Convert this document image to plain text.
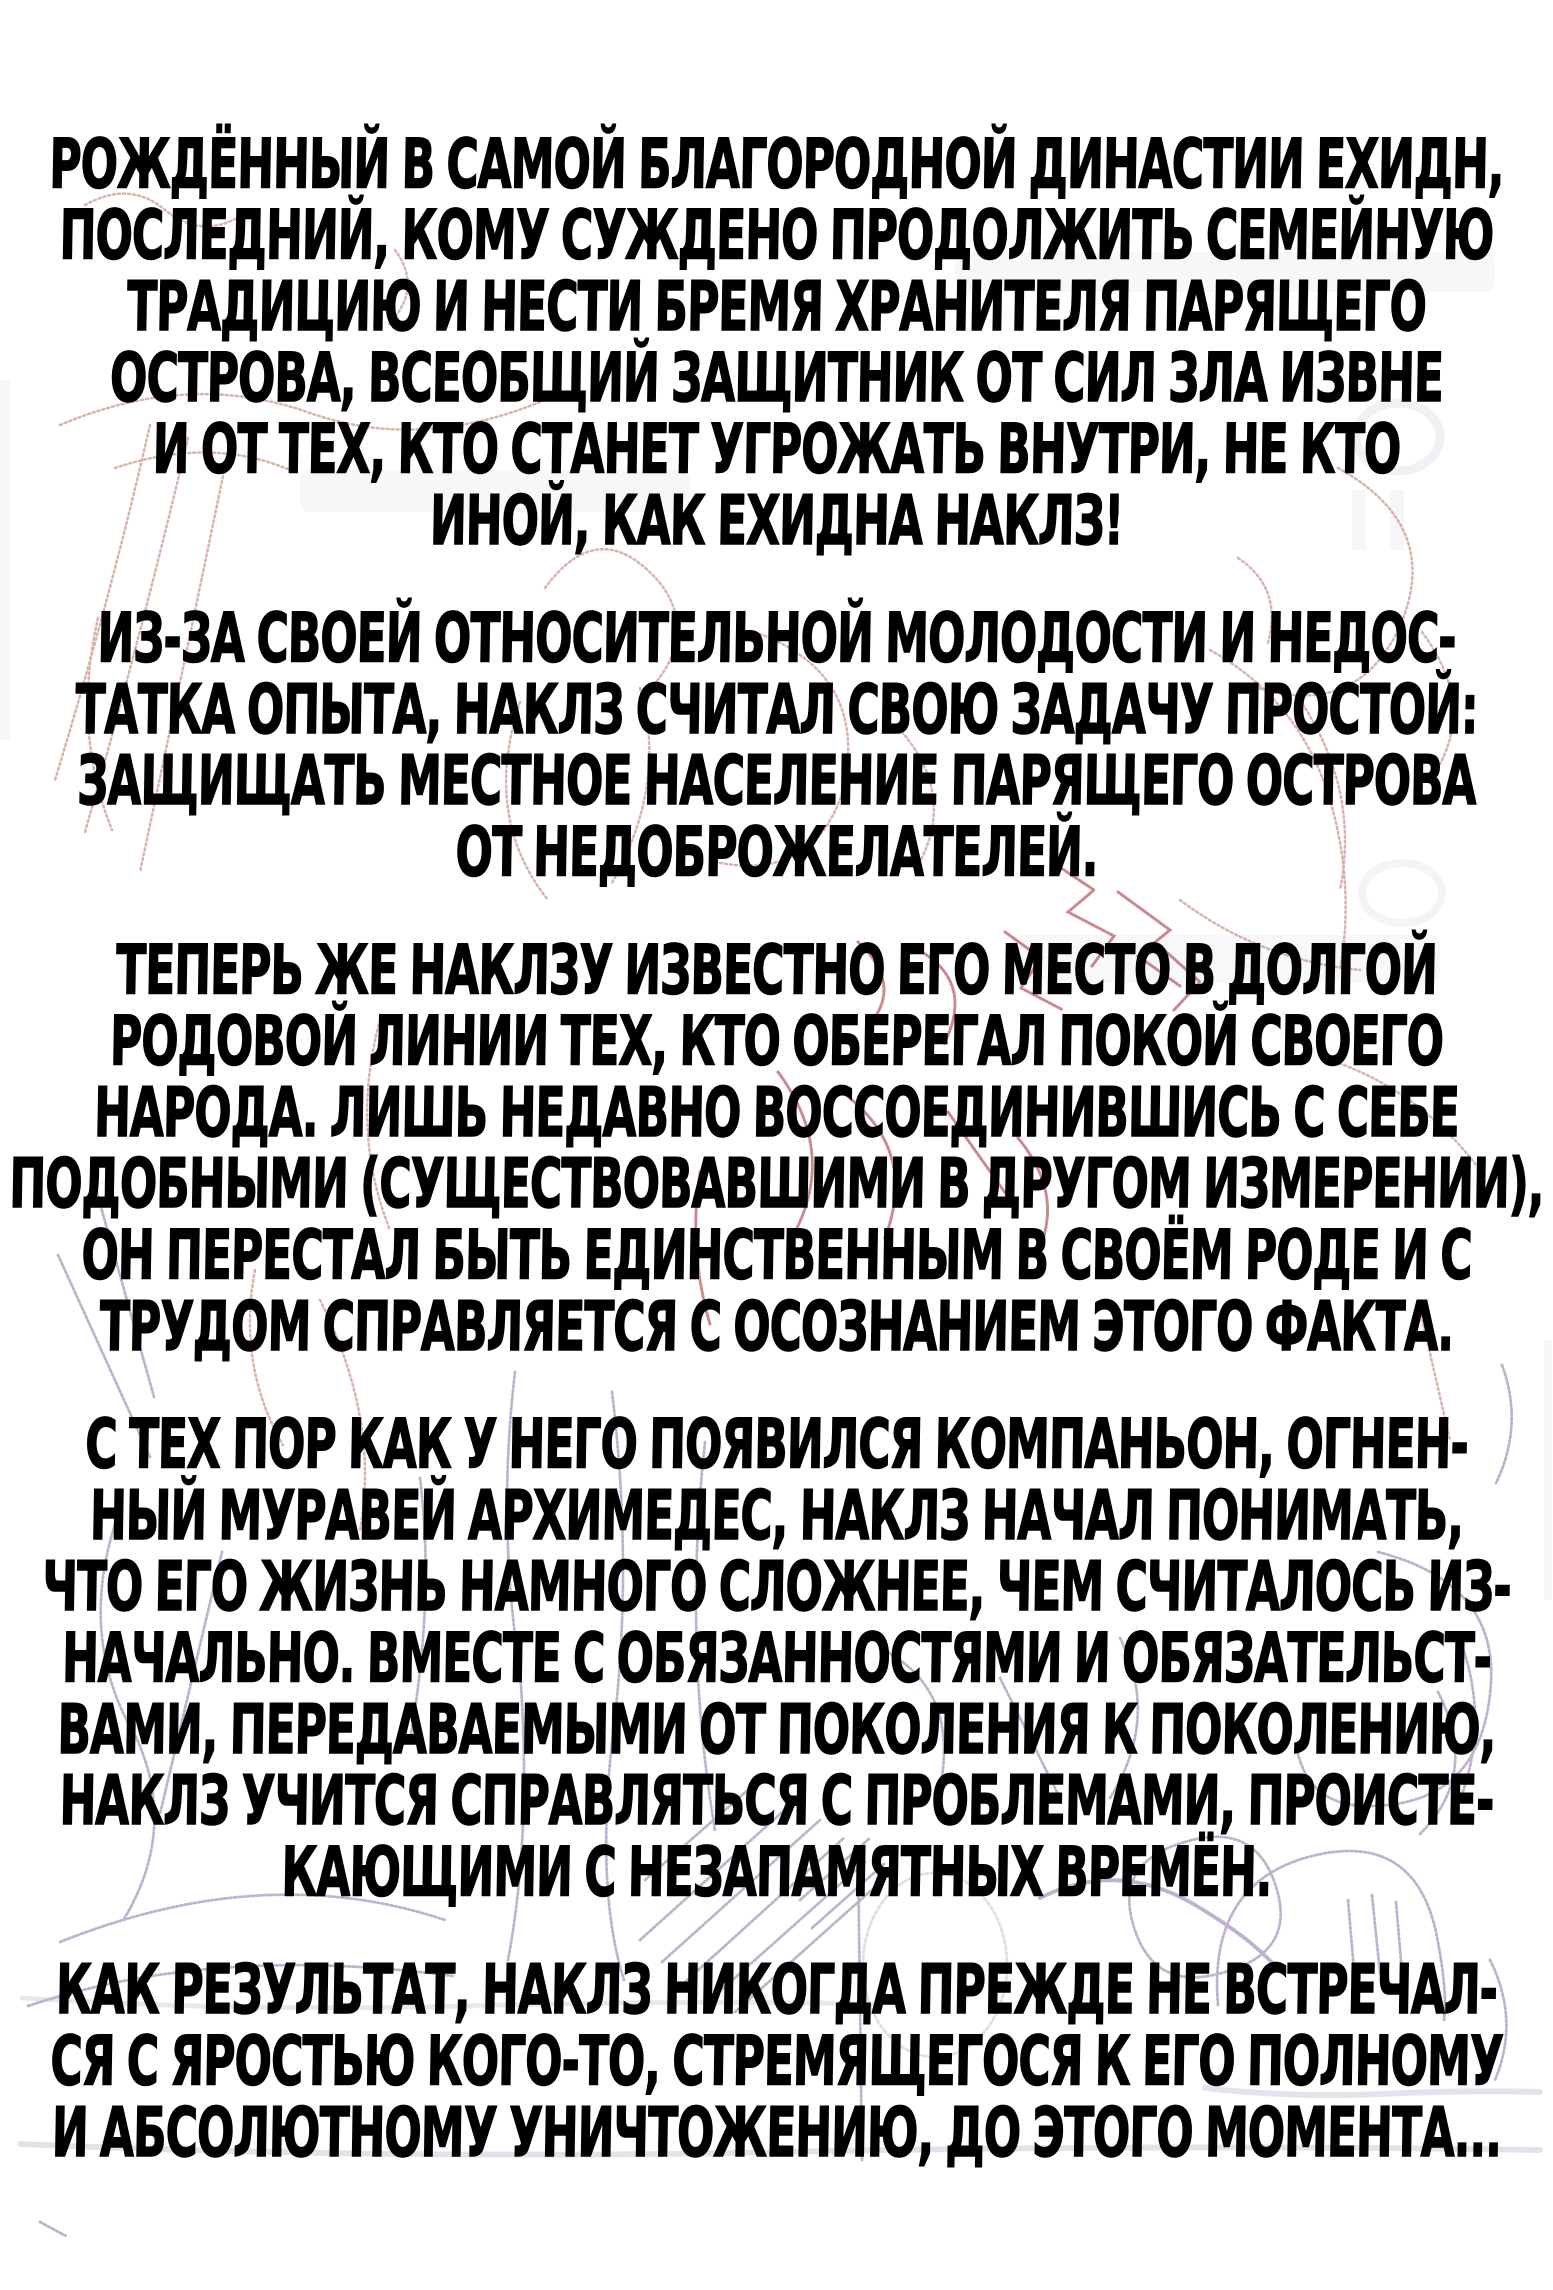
РОЖДЁННЫЙ В САМОЙ БЛАГОРОДНОЙ ДИНАСТИИ ЕХИДН,
ПОСЛЕДНИЙ, КОМУ СУЖДЕНО ПРОДОЛЖИТЬ СЕМЕЙНУЮ
ТРАДИЦИЮ И НЕСТИ БРЕМЯ ХРАНИТЕЛЯ ПАРЯЩЕГО
ОСТРОВА, ВСЕОБЩИЙ ЗАЩИТНИК ОТ СИЛ ЗЛА ИЗВНЕ
И ОТ ТЕХ, КТО СТАНЕТ УГРОЖАТЬ ВНУТРИ, НЕ КТО
ИНОЙ, КАК ЕХИДНА НАКЛЗ!
ИЗ-ЗА СВОЕЙ ОТНОСИТЕЛЬНОЙ МОЛОДОСТИ И НЕДОС-
ТАТКА ОПЫТА, НАКЛЗ СЧИТАЛ СВОЮ ЗАДАЧУ ПРОСТОЙ:
ЗАЩИЩАТЬ МЕСТНОЕ НАСЕЛЕНИЕ ПАРЯЩЕГО ОСТРОВА
ОТ НЕДОБРОЖЕЛАТЕЛЕЙ.
ТЕПЕРЬ ЖЕ НАКЛЗУ ИЗВЕСТНО ЕГО МЕСТО В ДОЛГОЙ
РОДОВОЙ ЛИНИИ ТЕХ, КТО ОБЕРЕГАЛ ПОКОЙ СВОЕГО
НАРОДА. ЛИШЬ НЕДАВНО ВОССОЕДИНИВШИСЬ С СЕБЕ
ПОДОБНЫМИ (СУЩЕСТВОВАВШИМИ В ДРУГОМ ИЗМЕРЕНИИ),
ОН ПЕРЕСТАЛ БЫТЬ ЕДИНСТВЕННЫМ В СВОЁМ РОДЕ И С
ТРУДОМ СПРАВЛЯЕТСЯ С ОСОЗНАНИЕМ ЭТОГО ФАКТА.
С ТЕХ ПОР КАК У НЕГО ПОЯВИЛСЯ КОМПАНЬОН, ОГНЕН-
НЫЙ МУРАВЕЙ АРХИМЕДЕС, НАКЛЗ НАЧАЛ ПОНИМАТЬ,
ЧТО ЕГО ЖИЗНЬ НАМНОГО СЛОЖНЕЕ, ЧЕМ СЧИТАЛОСЬ ИЗ-
НАЧАЛЬНО. ВМЕСТЕ С ОБЯЗАННОСТЯМИ И ОБЯЗАТЕЛЬСТ-
ВАМИ, ПЕРЕДАВАЕМЫМИ ОТ ПОКОЛЕНИЯ К ПОКОЛЕНИЮ,
НАКЛЗ УЧИТСЯ СПРАВЛЯТЬСЯ С ПРОБЛЕМАМИ, ПРОИСТЕ-
КАЮЩИМИ С НЕЗАПАМЯТНЫХ ВРЕМЁН.
КАК РЕЗУЛЬТАТ, НАКЛЗ НИКОГДА ПРЕЖДЕ НЕ ВСТРЕЧАЛ-
СЯ С ЯРОСТЬЮ КОГО-ТО, СТРЕМЯЩЕГОСЯ К ЕГО ПОЛНОМУ
И АБСОЛЮТНОМУ УНИЧТОЖЕНИЮ, ДО ЭТОГО МОМЕНТА...
